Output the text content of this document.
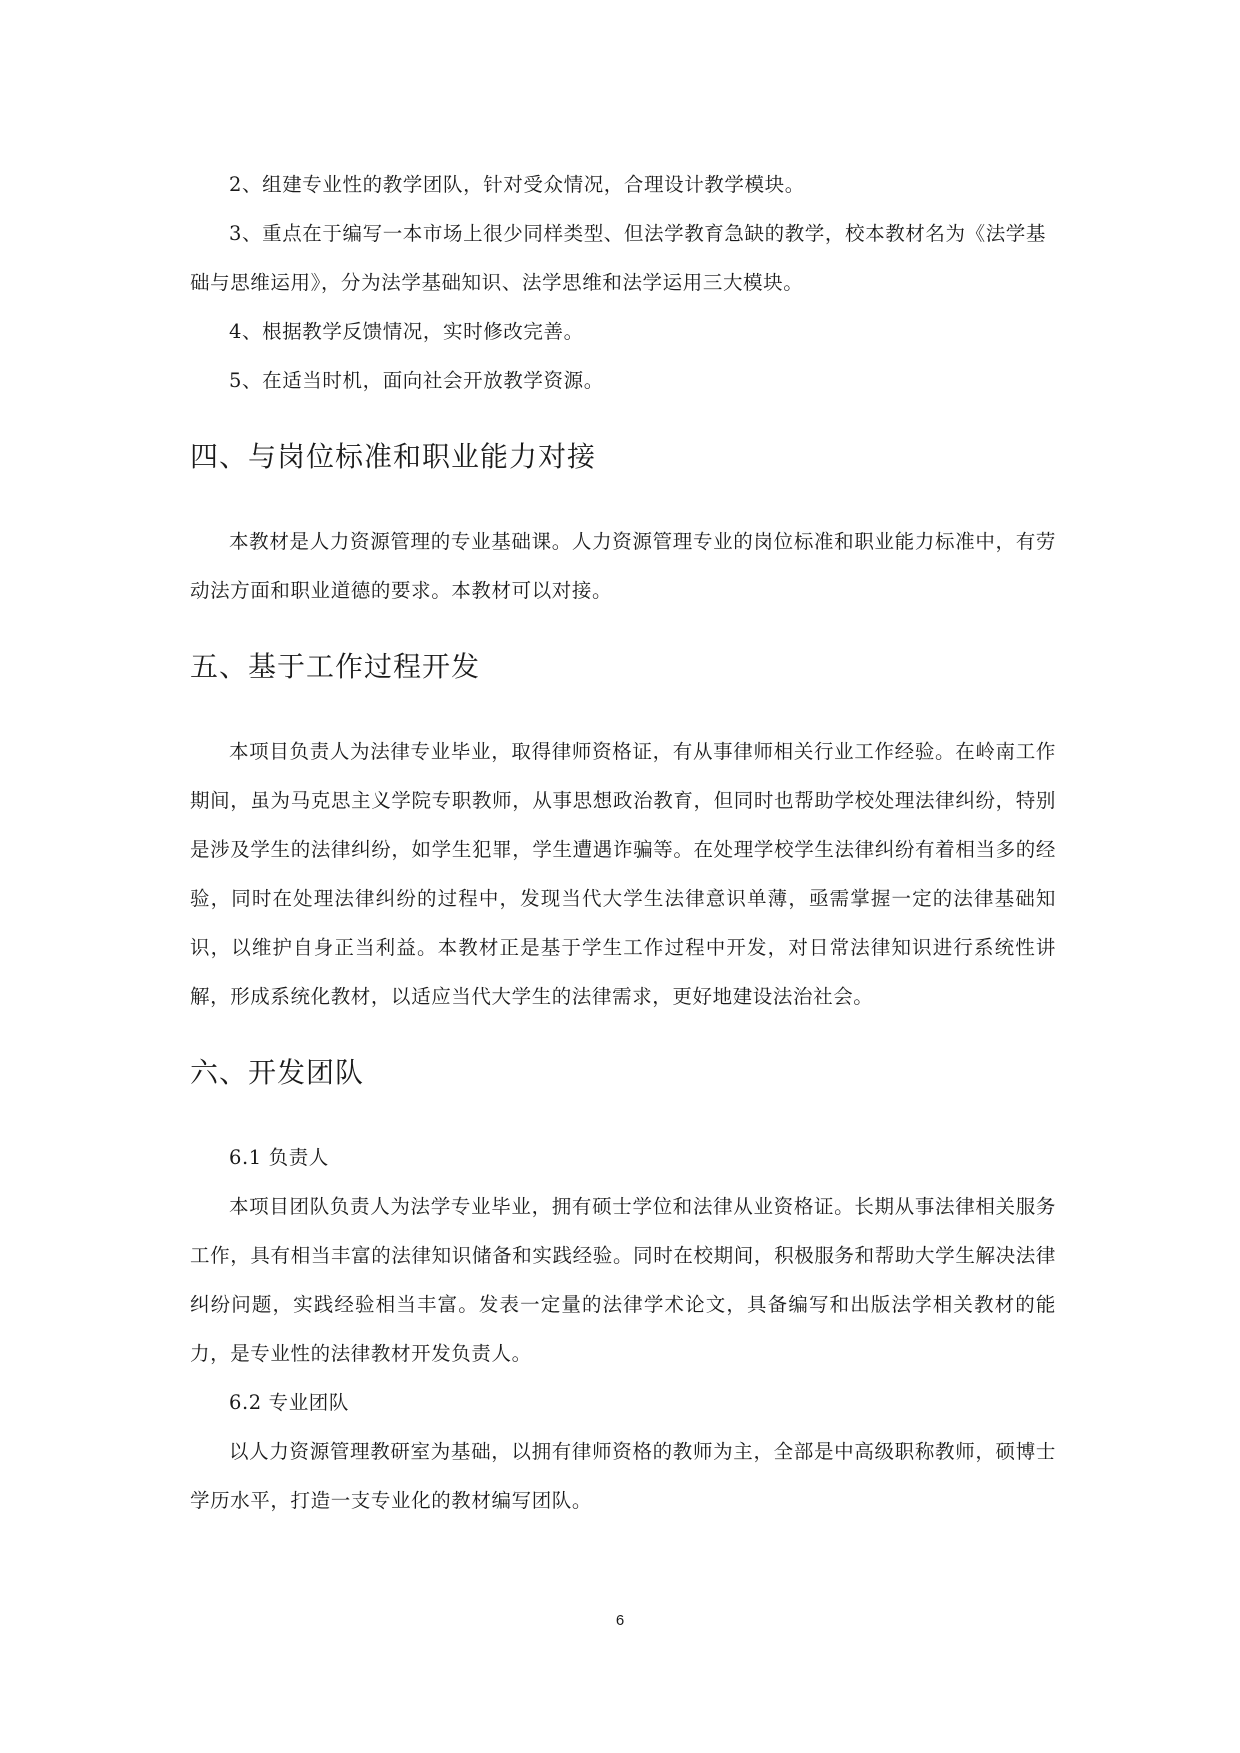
2、组建专业性的教学团队，针对受众情况，合理设计教学模块。

3、重点在于编写一本市场上很少同样类型、但法学教育急缺的教学，校本教材名为《法学基础与思维运用》，分为法学基础知识、法学思维和法学运用三大模块。

4、根据教学反馈情况，实时修改完善。

5、在适当时机，面向社会开放教学资源。

四、与岗位标准和职业能力对接

本教材是人力资源管理的专业基础课。人力资源管理专业的岗位标准和职业能力标准中，有劳动法方面和职业道德的要求。本教材可以对接。

五、基于工作过程开发

本项目负责人为法律专业毕业，取得律师资格证，有从事律师相关行业工作经验。在岭南工作期间，虽为马克思主义学院专职教师，从事思想政治教育，但同时也帮助学校处理法律纠纷，特别是涉及学生的法律纠纷，如学生犯罪，学生遭遇诈骗等。在处理学校学生法律纠纷有着相当多的经验，同时在处理法律纠纷的过程中，发现当代大学生法律意识单薄，亟需掌握一定的法律基础知识，以维护自身正当利益。本教材正是基于学生工作过程中开发，对日常法律知识进行系统性讲解，形成系统化教材，以适应当代大学生的法律需求，更好地建设法治社会。

六、开发团队

6.1 负责人

本项目团队负责人为法学专业毕业，拥有硕士学位和法律从业资格证。长期从事法律相关服务工作，具有相当丰富的法律知识储备和实践经验。同时在校期间，积极服务和帮助大学生解决法律纠纷问题，实践经验相当丰富。发表一定量的法律学术论文，具备编写和出版法学相关教材的能力，是专业性的法律教材开发负责人。

6.2 专业团队

以人力资源管理教研室为基础，以拥有律师资格的教师为主，全部是中高级职称教师，硕博士学历水平，打造一支专业化的教材编写团队。

6
